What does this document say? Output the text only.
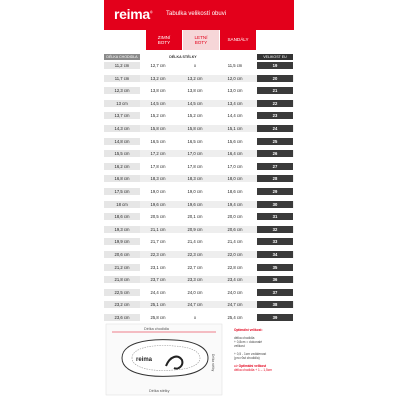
reima® Tabulka velikostí obuvi
ZIMNÍ
BOTY
LETNÍ
BOTY
SANDÁLY
DÉLKA CHODIDLA	DÉLKA STÉLKY	VELIKOST EU
11,2 cm	12,7 cm	x	11,5 cm	19
11,7 cm	13,2 cm	13,2 cm	12,0 cm	20
12,3 cm	13,8 cm	13,8 cm	13,0 cm	21
13 cm	14,5 cm	14,5 cm	13,4 cm	22
13,7 cm	15,2 cm	15,2 cm	14,4 cm	23
14,3 cm	15,8 cm	15,8 cm	15,1 cm	24
14,8 cm	16,5 cm	16,5 cm	15,6 cm	25
15,5 cm	17,2 cm	17,0 cm	16,4 cm	26
16,2 cm	17,8 cm	17,8 cm	17,0 cm	27
16,8 cm	18,3 cm	18,3 cm	18,0 cm	28
17,5 cm	19,0 cm	19,0 cm	18,6 cm	29
18 cm	19,6 cm	19,6 cm	19,4 cm	30
18,6 cm	20,5 cm	20,1 cm	20,0 cm	31
19,3 cm	21,1 cm	20,9 cm	20,6 cm	32
19,9 cm	21,7 cm	21,4 cm	21,4 cm	33
20,6 cm	22,3 cm	22,3 cm	22,0 cm	34
21,2 cm	23,1 cm	22,7 cm	22,8 cm	35
21,8 cm	23,7 cm	23,3 cm	23,4 cm	36
22,5 cm	24,4 cm	24,0 cm	24,0 cm	37
23,2 cm	25,1 cm	24,7 cm	24,7 cm	38
23,6 cm	25,8 cm	x	25,4 cm	39
reima
Délka chodidla
Délka stélky
Délka stélky
Optimální velikost:
délka chodidla
+ 0,8cm = dokonalé
velikost
+ 0,5 - 1cm vzdálenost
(pro růst chodidla)
=> Optimální velikost
délka chodidla + 1 – 1,5cm
